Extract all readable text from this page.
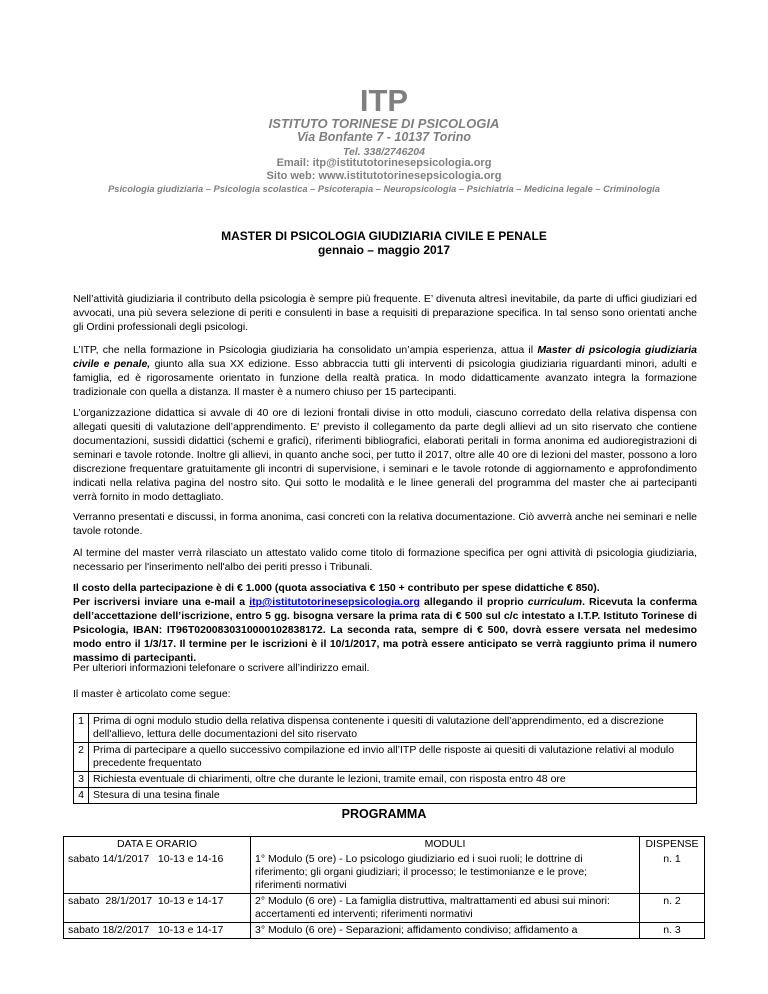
ITP
ISTITUTO TORINESE DI PSICOLOGIA
Via Bonfante 7 - 10137 Torino
Tel. 338/2746204
Email: itp@istitutotorinesepsicologia.org
Sito web: www.istitutotorinesepsicologia.org
Psicologia giudiziaria – Psicologia scolastica – Psicoterapia – Neuropsicologia – Psichiatria – Medicina legale – Criminologia
MASTER DI PSICOLOGIA GIUDIZIARIA CIVILE E PENALE
gennaio – maggio 2017

Nell’attività giudiziaria il contributo della psicologia è sempre più frequente. E’ divenuta altresì inevitabile, da parte di uffici giudiziari ed avvocati, una più severa selezione di periti e consulenti in base a requisiti di preparazione specifica. In tal senso sono orientati anche gli Ordini professionali degli psicologi.

L’ITP, che nella formazione in Psicologia giudiziaria ha consolidato un’ampia esperienza, attua il Master di psicologia giudiziaria civile e penale, giunto alla sua XX edizione. Esso abbraccia tutti gli interventi di psicologia giudiziaria riguardanti minori, adulti e famiglia, ed è rigorosamente orientato in funzione della realtà pratica. In modo didatticamente avanzato integra la formazione tradizionale con quella a distanza. Il master è a numero chiuso per 15 partecipanti.

L’organizzazione didattica si avvale di 40 ore di lezioni frontali divise in otto moduli, ciascuno corredato della relativa dispensa con allegati quesiti di valutazione dell’apprendimento. E' previsto il collegamento da parte degli allievi ad un sito riservato che contiene documentazioni, sussidi didattici (schemi e grafici), riferimenti bibliografici, elaborati peritali in forma anonima ed audioregistrazioni di seminari e tavole rotonde. Inoltre gli allievi, in quanto anche soci, per tutto il 2017, oltre alle 40 ore di lezioni del master, possono a loro discrezione frequentare gratuitamente gli incontri di supervisione, i seminari e le tavole rotonde di aggiornamento e approfondimento indicati nella relativa pagina del nostro sito. Qui sotto le modalità e le linee generali del programma del master che ai partecipanti verrà fornito in modo dettagliato.

Verranno presentati e discussi, in forma anonima, casi concreti con la relativa documentazione. Ciò avverrà anche nei seminari e nelle tavole rotonde.

Al termine del master verrà rilasciato un attestato valido come titolo di formazione specifica per ogni attività di psicologia giudiziaria, necessario per l'inserimento nell'albo dei periti presso i Tribunali.

Il costo della partecipazione è di € 1.000 (quota associativa € 150 + contributo per spese didattiche € 850).
Per iscriversi inviare una e-mail a itp@istitutotorinesepsicologia.org allegando il proprio curriculum. Ricevuta la conferma dell’accettazione dell’iscrizione, entro 5 gg. bisogna versare la prima rata di € 500 sul c/c intestato a I.T.P. Istituto Torinese di Psicologia, IBAN: IT96T0200830310000102838172. La seconda rata, sempre di € 500, dovrà essere versata nel medesimo modo entro il 1/3/17. Il termine per le iscrizioni è il 10/1/2017, ma potrà essere anticipato se verrà raggiunto prima il numero massimo di partecipanti.

Per ulteriori informazioni telefonare o scrivere all’indirizzo email.

Il master è articolato come segue:

1	Prima di ogni modulo studio della relativa dispensa contenente i quesiti di valutazione dell’apprendimento, ed a discrezione dell'allievo, lettura delle documentazioni del sito riservato
2	Prima di partecipare a quello successivo compilazione ed invio all’ITP delle risposte ai quesiti di valutazione relativi al modulo precedente frequentato
3	Richiesta eventuale di chiarimenti, oltre che durante le lezioni, tramite email, con risposta entro 48 ore
4	Stesura di una tesina finale
PROGRAMMA
DATA E ORARIO	MODULI	DISPENSE
sabato 14/1/2017   10-13 e 14-16	1° Modulo (5 ore) - Lo psicologo giudiziario ed i suoi ruoli; le dottrine di riferimento; gli organi giudiziari; il processo; le testimonianze e le prove; riferimenti normativi	n. 1
sabato  28/1/2017  10-13 e 14-17	2° Modulo (6 ore) - La famiglia distruttiva, maltrattamenti ed abusi sui minori: accertamenti ed interventi; riferimenti normativi	n. 2
sabato 18/2/2017   10-13 e 14-17	3° Modulo (6 ore) - Separazioni; affidamento condiviso; affidamento a	n. 3
